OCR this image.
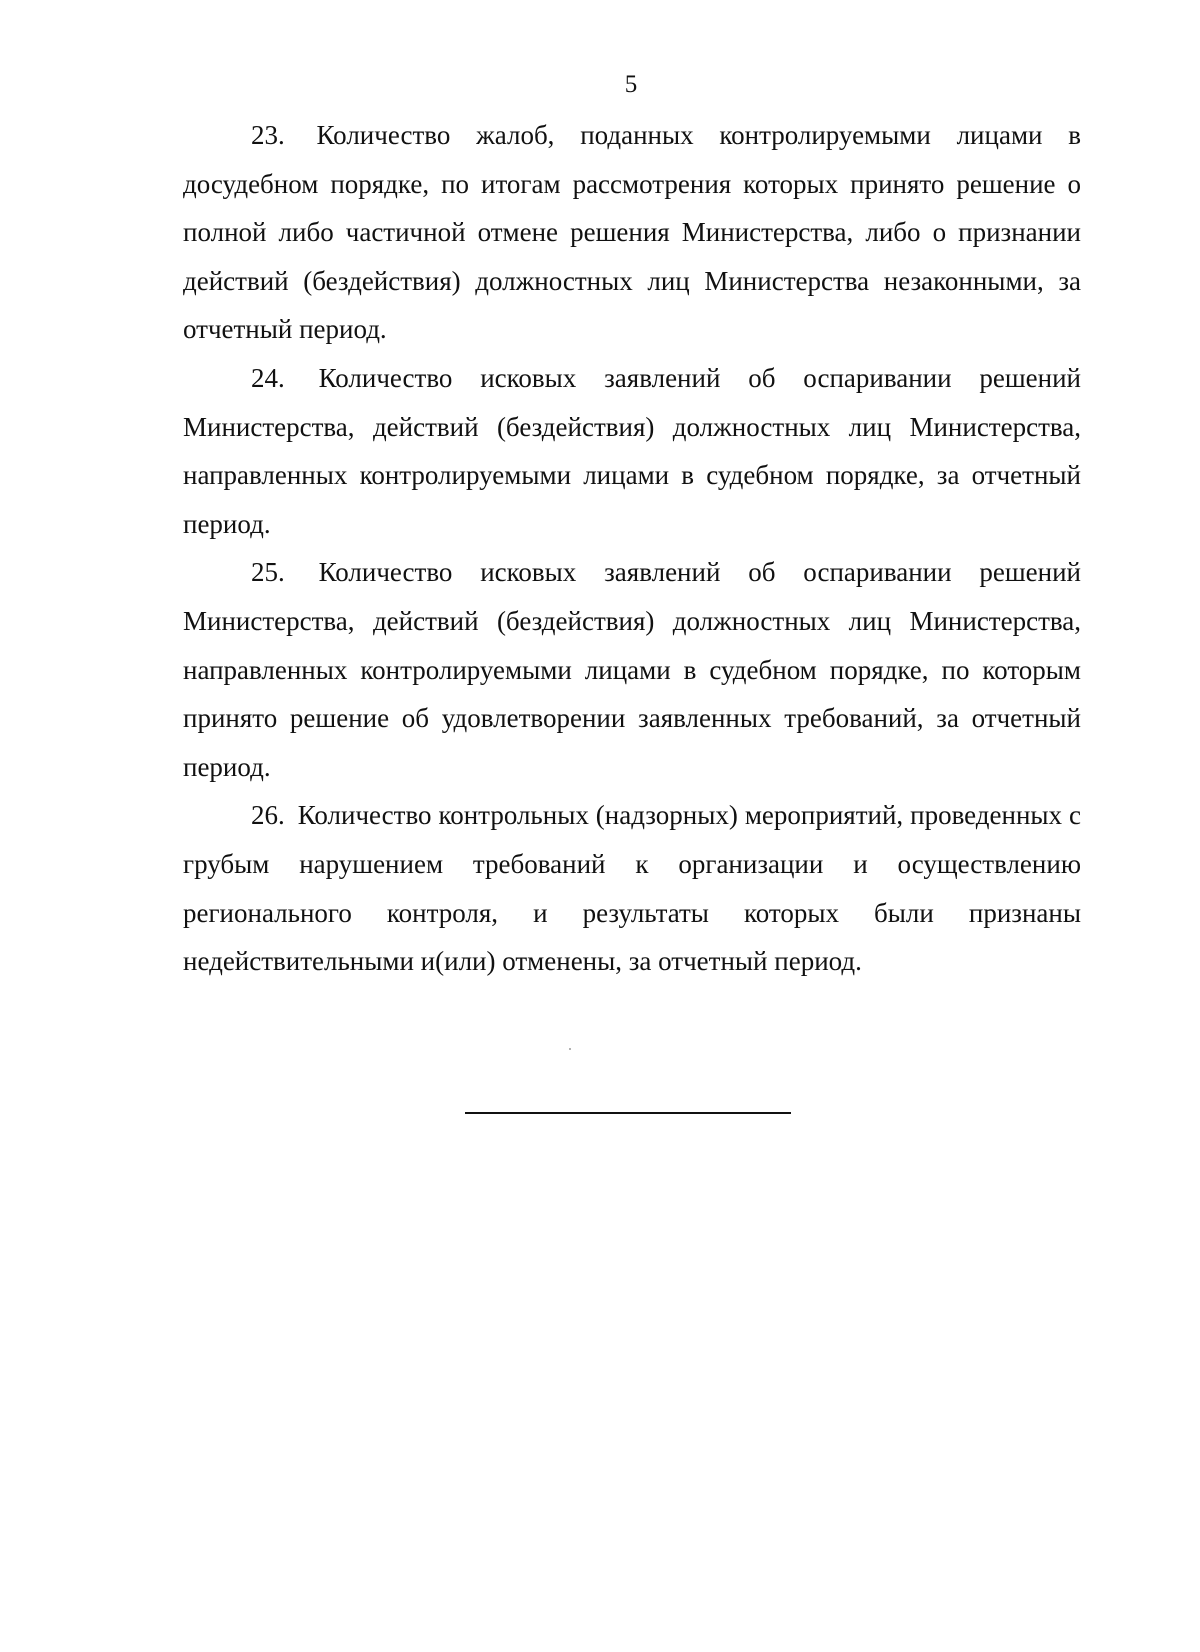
5

23. Количество жалоб, поданных контролируемыми лицами в досудебном порядке, по итогам рассмотрения которых принято решение о полной либо частичной отмене решения Министерства, либо о признании действий (бездействия) должностных лиц Министерства незаконными, за отчетный период.

24. Количество исковых заявлений об оспаривании решений Министерства, действий (бездействия) должностных лиц Министерства, направленных контролируемыми лицами в судебном порядке, за отчетный период.

25. Количество исковых заявлений об оспаривании решений Министерства, действий (бездействия) должностных лиц Министерства, направленных контролируемыми лицами в судебном порядке, по которым принято решение об удовлетворении заявленных требований, за отчетный период.

26. Количество контрольных (надзорных) мероприятий, проведенных с грубым нарушением требований к организации и осуществлению регионального контроля, и результаты которых были признаны недействительными и(или) отменены, за отчетный период.
